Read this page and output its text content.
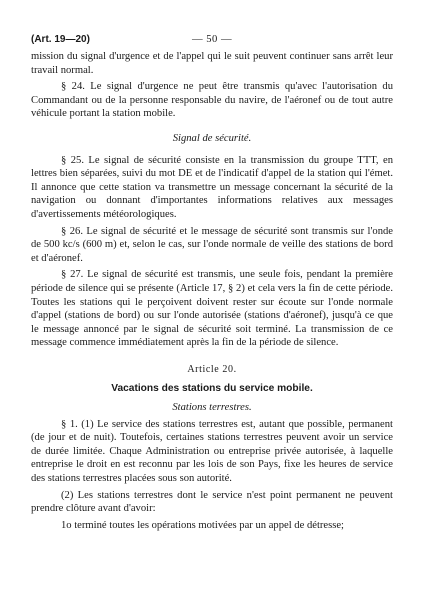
(Art. 19—20)	— 50 —

mission du signal d'urgence et de l'appel qui le suit peuvent continuer sans arrêt leur travail normal.

§ 24. Le signal d'urgence ne peut être transmis qu'avec l'autorisation du Commandant ou de la personne responsable du navire, de l'aéronef ou de tout autre véhicule portant la station mobile.

Signal de sécurité.

§ 25. Le signal de sécurité consiste en la transmission du groupe TTT, en lettres bien séparées, suivi du mot DE et de l'indicatif d'appel de la station qui l'émet. Il annonce que cette station va transmettre un message concernant la sécurité de la navigation ou donnant d'importantes informations relatives aux messages d'avertissements météorologiques.

§ 26. Le signal de sécurité et le message de sécurité sont transmis sur l'onde de 500 kc/s (600 m) et, selon le cas, sur l'onde normale de veille des stations de bord et d'aéronef.

§ 27. Le signal de sécurité est transmis, une seule fois, pendant la première période de silence qui se présente (Article 17, § 2) et cela vers la fin de cette période. Toutes les stations qui le perçoivent doivent rester sur écoute sur l'onde normale d'appel (stations de bord) ou sur l'onde autorisée (stations d'aéronef), jusqu'à ce que le message annoncé par le signal de sécurité soit terminé. La transmission de ce message commence immédiatement après la fin de la période de silence.

Article 20.
Vacations des stations du service mobile.
Stations terrestres.

§ 1. (1) Le service des stations terrestres est, autant que possible, permanent (de jour et de nuit). Toutefois, certaines stations terrestres peuvent avoir un service de durée limitée. Chaque Administration ou entreprise privée autorisée, à laquelle entreprise le droit en est reconnu par les lois de son Pays, fixe les heures de service des stations terrestres placées sous son autorité.

(2) Les stations terrestres dont le service n'est point permanent ne peuvent prendre clôture avant d'avoir:

1o terminé toutes les opérations motivées par un appel de détresse;
